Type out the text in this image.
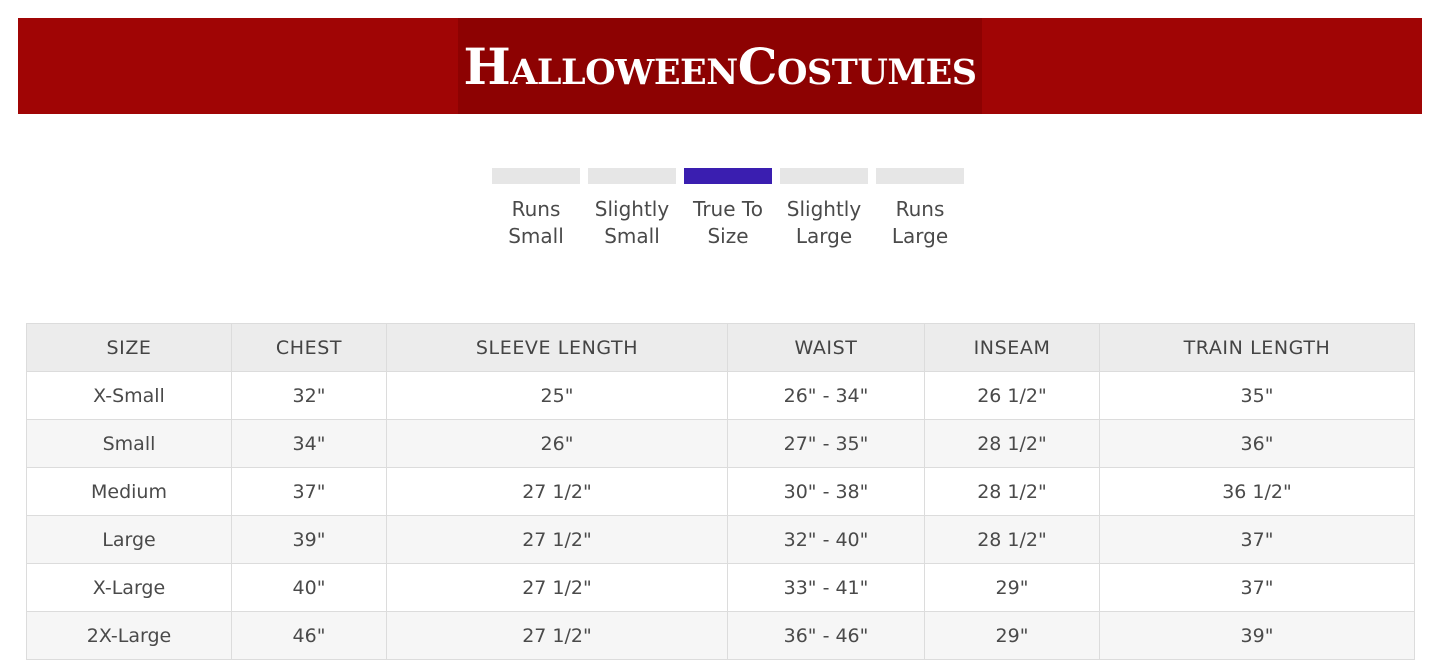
HalloweenCostumes
Runs Small
Slightly Small
True To Size
Slightly Large
Runs Large
SIZE	CHEST	SLEEVE LENGTH	WAIST	INSEAM	TRAIN LENGTH
X-Small	32"	25"	26" - 34"	26 1/2"	35"
Small	34"	26"	27" - 35"	28 1/2"	36"
Medium	37"	27 1/2"	30" - 38"	28 1/2"	36 1/2"
Large	39"	27 1/2"	32" - 40"	28 1/2"	37"
X-Large	40"	27 1/2"	33" - 41"	29"	37"
2X-Large	46"	27 1/2"	36" - 46"	29"	39"
